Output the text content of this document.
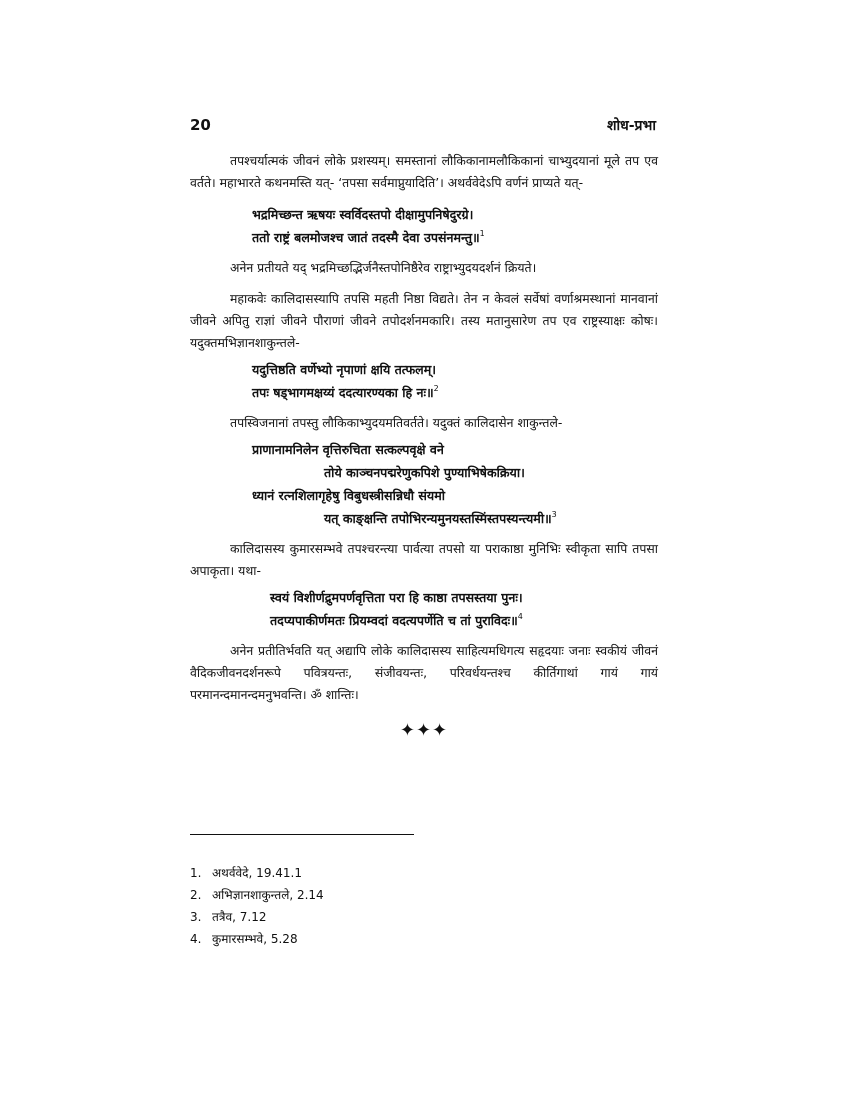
20	शोध-प्रभा

तपश्चर्यात्मकं जीवनं लोके प्रशस्यम्। समस्तानां लौकिकानामलौकिकानां चाभ्युदयानां मूले तप एव वर्तते। महाभारते कथनमस्ति यत्- ‘तपसा सर्वमाप्नुयादिति’। अथर्ववेदेऽपि वर्णनं प्राप्यते यत्-

भद्रमिच्छन्त ऋषयः स्वर्विदस्तपो दीक्षामुपनिषेदुरग्रे।
ततो राष्ट्रं बलमोजश्च जातं तदस्मै देवा उपसंनमन्तु॥$^1$

अनेन प्रतीयते यद् भद्रमिच्छद्भिर्जनैस्तपोनिष्ठैरेव राष्ट्राभ्युदयदर्शनं क्रियते।

महाकवेः कालिदासस्यापि तपसि महती निष्ठा विद्यते। तेन न केवलं सर्वेषां वर्णाश्रमस्थानां मानवानां जीवने अपितु राज्ञां जीवने पौराणां जीवने तपोदर्शनमकारि। तस्य मतानुसारेण तप एव राष्ट्रस्याक्षः कोषः। यदुक्तमभिज्ञानशाकुन्तले-

यदुत्तिष्ठति वर्णेभ्यो नृपाणां क्षयि तत्फलम्।
तपः षड्भागमक्षय्यं ददत्यारण्यका हि नः॥$^2$

तपस्विजनानां तपस्तु लौकिकाभ्युदयमतिवर्तते। यदुक्तं कालिदासेन शाकुन्तले-

प्राणानामनिलेन वृत्तिरुचिता सत्कल्पवृक्षे वने
तोये काञ्चनपद्मरेणुकपिशे पुण्याभिषेकक्रिया।
ध्यानं रत्नशिलागृहेषु विबुधस्त्रीसन्निधौ संयमो
यत् काङ्क्षन्ति तपोभिरन्यमुनयस्तस्मिंस्तपस्यन्त्यमी॥$^3$

कालिदासस्य कुमारसम्भवे तपश्चरन्त्या पार्वत्या तपसो या पराकाष्ठा मुनिभिः स्वीकृता सापि तपसा अपाकृता। यथा-

स्वयं विशीर्णद्रुमपर्णवृत्तिता परा हि काष्ठा तपसस्तया पुनः।
तदप्यपाकीर्णमतः प्रियम्वदां वदत्यपर्णेति च तां पुराविदः॥$^4$

अनेन प्रतीतिर्भवति यत् अद्यापि लोके कालिदासस्य साहित्यमधिगत्य सहृदयाः जनाः स्वकीयं जीवनं वैदिकजीवनदर्शनरूपे पवित्रयन्तः, संजीवयन्तः, परिवर्धयन्तश्च कीर्तिगाथां गायं गायं परमानन्दमानन्दमनुभवन्ति। ॐ शान्तिः।

✦✦✦
1. अथर्ववेदे, 19.41.1
2. अभिज्ञानशाकुन्तले, 2.14
3. तत्रैव, 7.12
4. कुमारसम्भवे, 5.28
